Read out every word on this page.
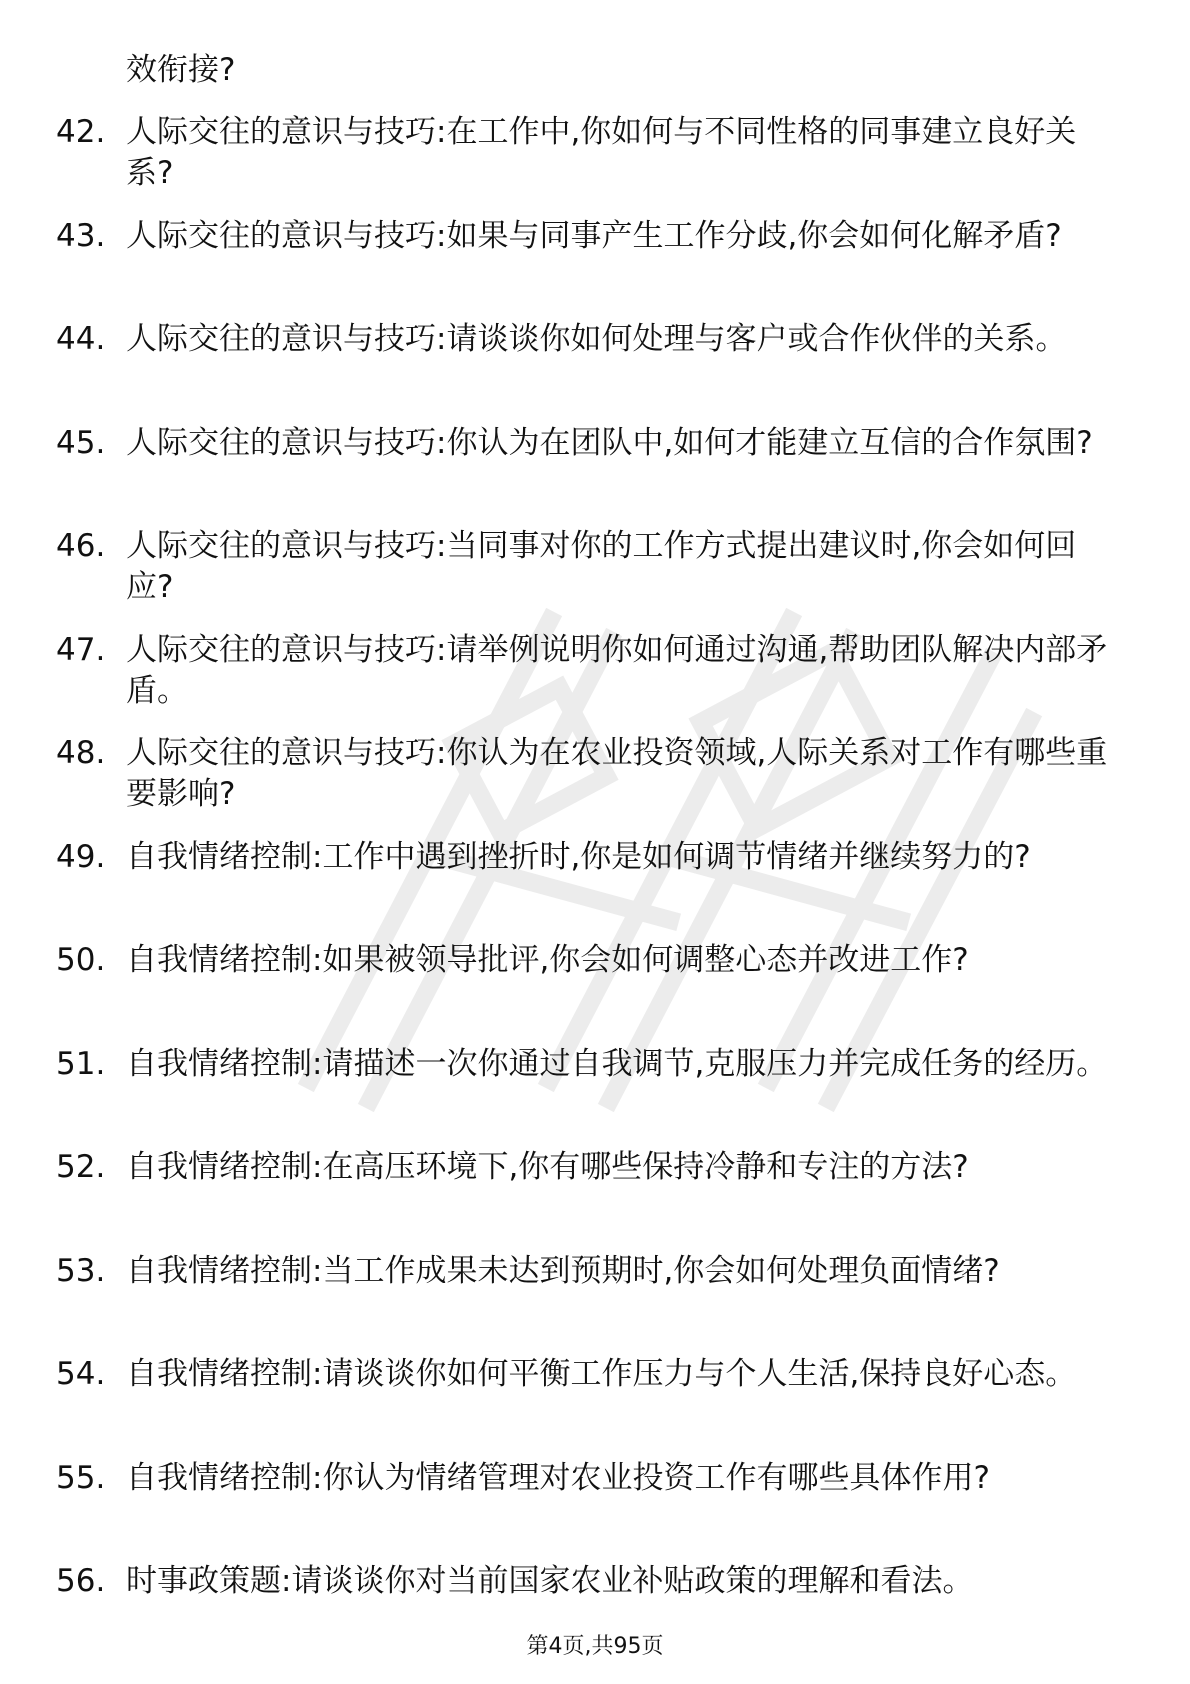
效衔接?
42. 人际交往的意识与技巧:在工作中,你如何与不同性格的同事建立良好关系?
43. 人际交往的意识与技巧:如果与同事产生工作分歧,你会如何化解矛盾?
44. 人际交往的意识与技巧:请谈谈你如何处理与客户或合作伙伴的关系。
45. 人际交往的意识与技巧:你认为在团队中,如何才能建立互信的合作氛围?
46. 人际交往的意识与技巧:当同事对你的工作方式提出建议时,你会如何回应?
47. 人际交往的意识与技巧:请举例说明你如何通过沟通,帮助团队解决内部矛盾。
48. 人际交往的意识与技巧:你认为在农业投资领域,人际关系对工作有哪些重要影响?
49. 自我情绪控制:工作中遇到挫折时,你是如何调节情绪并继续努力的?
50. 自我情绪控制:如果被领导批评,你会如何调整心态并改进工作?
51. 自我情绪控制:请描述一次你通过自我调节,克服压力并完成任务的经历。
52. 自我情绪控制:在高压环境下,你有哪些保持冷静和专注的方法?
53. 自我情绪控制:当工作成果未达到预期时,你会如何处理负面情绪?
54. 自我情绪控制:请谈谈你如何平衡工作压力与个人生活,保持良好心态。
55. 自我情绪控制:你认为情绪管理对农业投资工作有哪些具体作用?
56. 时事政策题:请谈谈你对当前国家农业补贴政策的理解和看法。
第4页,共95页
